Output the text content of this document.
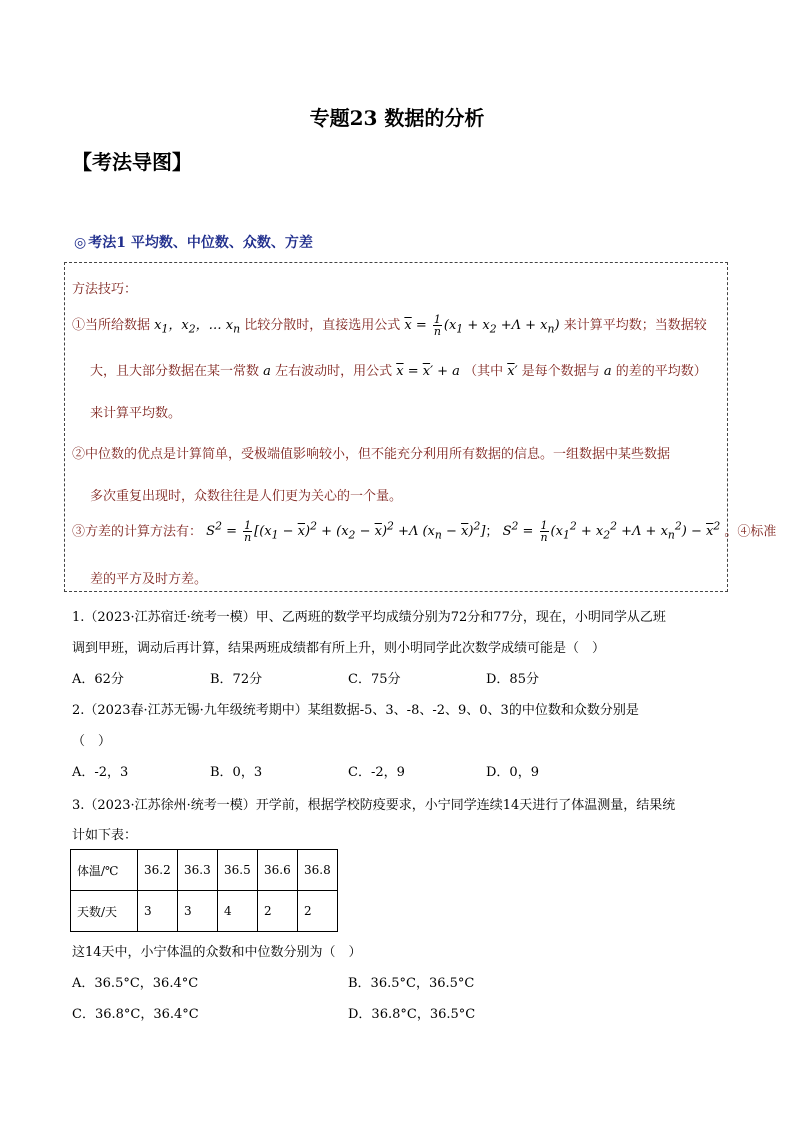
专题23 数据的分析
【考法导图】
◎ 考法1 平均数、中位数、众数、方差
方法技巧：
①当所给数据 $x_1$，$x_2$，… $x_n$ 比较分散时，直接选用公式 $\overline{x} = \frac{1}{n} (x_1 + x_2 +\Lambda + x_n)$ 来计算平均数；当数据较
大，且大部分数据在某一常数 a 左右波动时，用公式 $\overline{x} = \overline{x}' + a$ （其中 $\overline{x}'$ 是每个数据与 a 的差的平均数）
来计算平均数。
②中位数的优点是计算简单，受极端值影响较小，但不能充分利用所有数据的信息。一组数据中某些数据
多次重复出现时，众数往往是人们更为关心的一个量。
③方差的计算方法有： $S^2 = \frac{1}{n} [(x_1 - \overline{x})^2 + (x_2 - \overline{x})^2 +\Lambda$ $(x_n - \overline{x})^2$]； $S^2 = \frac{1}{n} (x_1^2 + x_2^2 +\Lambda + x_n^2) - \overline{x}^2$ 。④标准
差的平方及时方差。
1.（2023·江苏宿迁·统考一模）甲、乙两班的数学平均成绩分别为72分和77分，现在，小明同学从乙班
调到甲班，调动后再计算，结果两班成绩都有所上升，则小明同学此次数学成绩可能是（　）
A．62分	B．72分	C．75分	D．85分
2.（2023春·江苏无锡·九年级统考期中）某组数据-5、3、-8、-2、9、0、3的中位数和众数分别是
（　）
A．-2，3	B．0，3	C．-2，9	D．0，9
3.（2023·江苏徐州·统考一模）开学前，根据学校防疫要求，小宁同学连续14天进行了体温测量，结果统
计如下表：
体温/℃	36.2	36.3	36.5	36.6	36.8
天数/天	3	3	4	2	2
这14天中，小宁体温的众数和中位数分别为（　）
A．36.5°C，36.4°C	B．36.5°C，36.5°C
C．36.8°C，36.4°C	D．36.8°C，36.5°C
